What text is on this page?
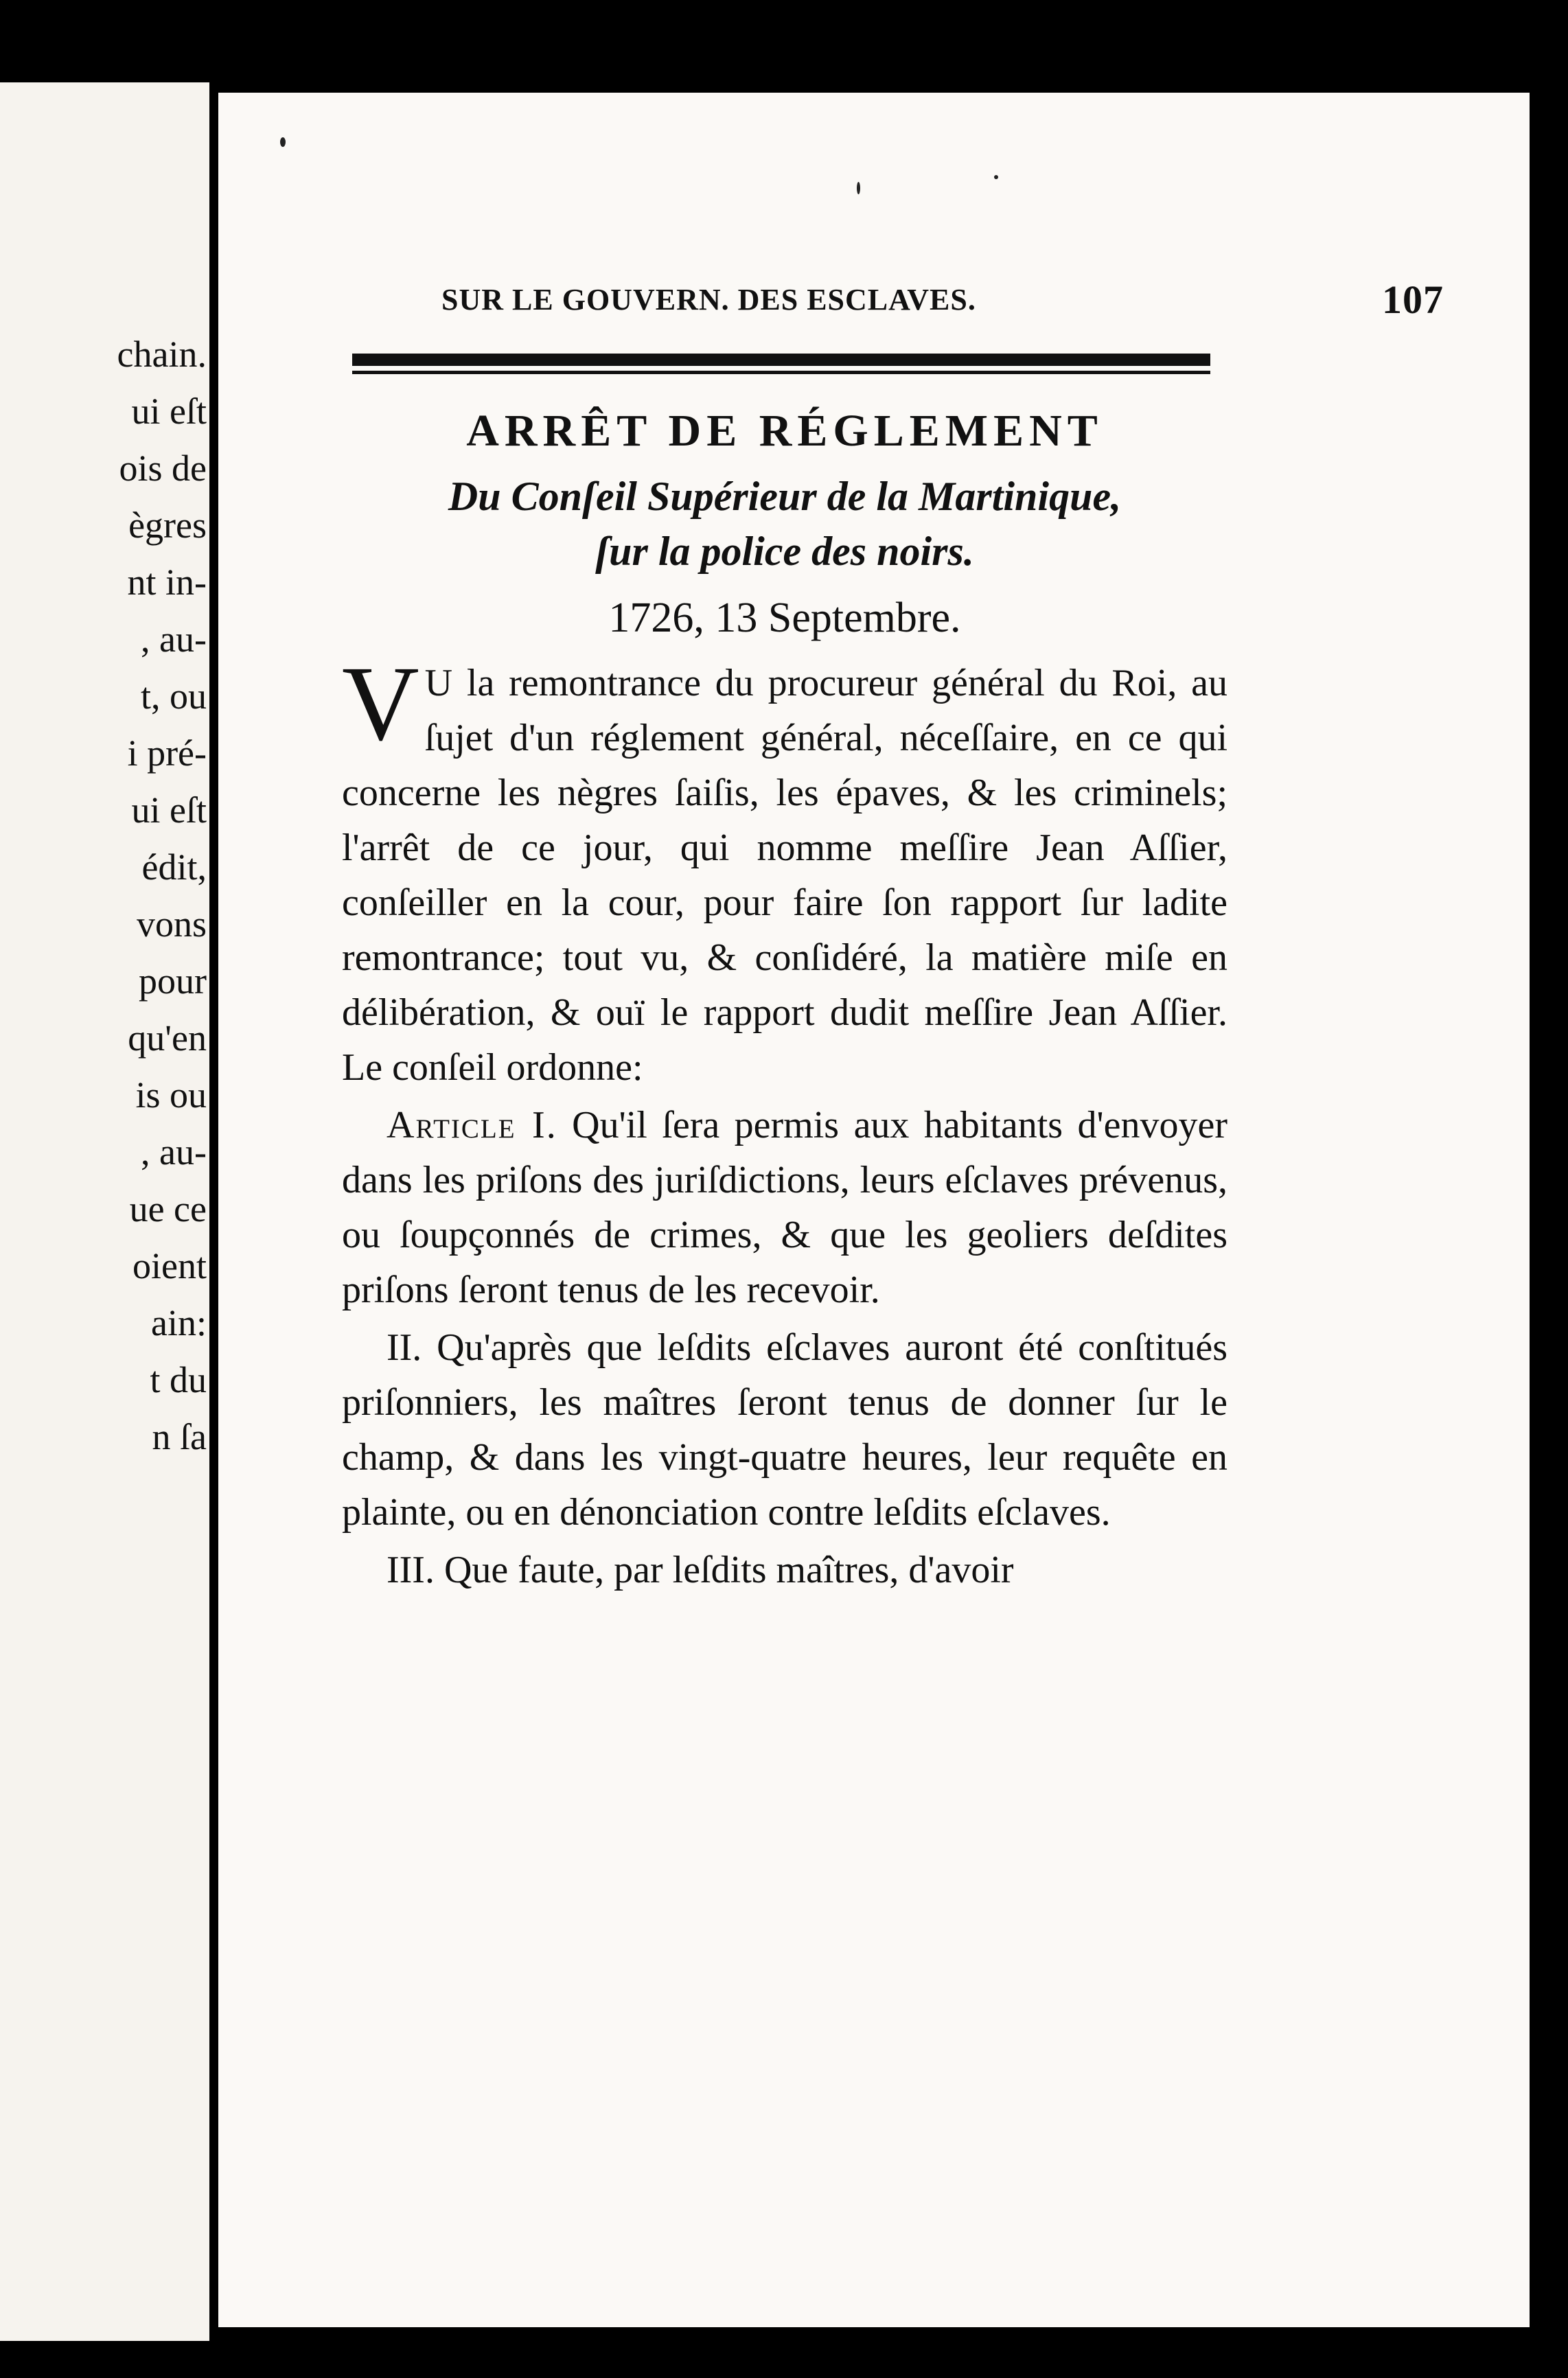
chain.
ui eſt
ois de
ègres
nt in-
, au-
t, ou
i pré-
ui eſt
édit,
vons
pour
qu'en
is ou
, au-
ue ce
oient
ain:
t du
n ſa
SUR LE GOUVERN. DES ESCLAVES.	107
ARRÊT DE RÉGLEMENT
Du Conſeil Supérieur de la Martinique,
ſur la police des noirs.
1726, 13 Septembre.

V U la remontrance du procureur général du Roi, au ſujet d'un réglement général, néceſſaire, en ce qui concerne les nègres ſaiſis, les épaves, & les criminels; l'arrêt de ce jour, qui nomme meſſire Jean Aſſier, conſeiller en la cour, pour faire ſon rapport ſur ladite remontrance; tout vu, & conſidéré, la matière miſe en délibération, & ouï le rapport dudit meſſire Jean Aſſier. Le conſeil ordonne:

Article I. Qu'il ſera permis aux habitants d'envoyer dans les priſons des juriſdictions, leurs eſclaves prévenus, ou ſoupçonnés de crimes, & que les geoliers deſdites priſons ſeront tenus de les recevoir.

II. Qu'après que leſdits eſclaves auront été conſtitués priſonniers, les maîtres ſeront tenus de donner ſur le champ, & dans les vingt-quatre heures, leur requête en plainte, ou en dénonciation contre leſdits eſclaves.

III. Que faute, par leſdits maîtres, d'avoir
